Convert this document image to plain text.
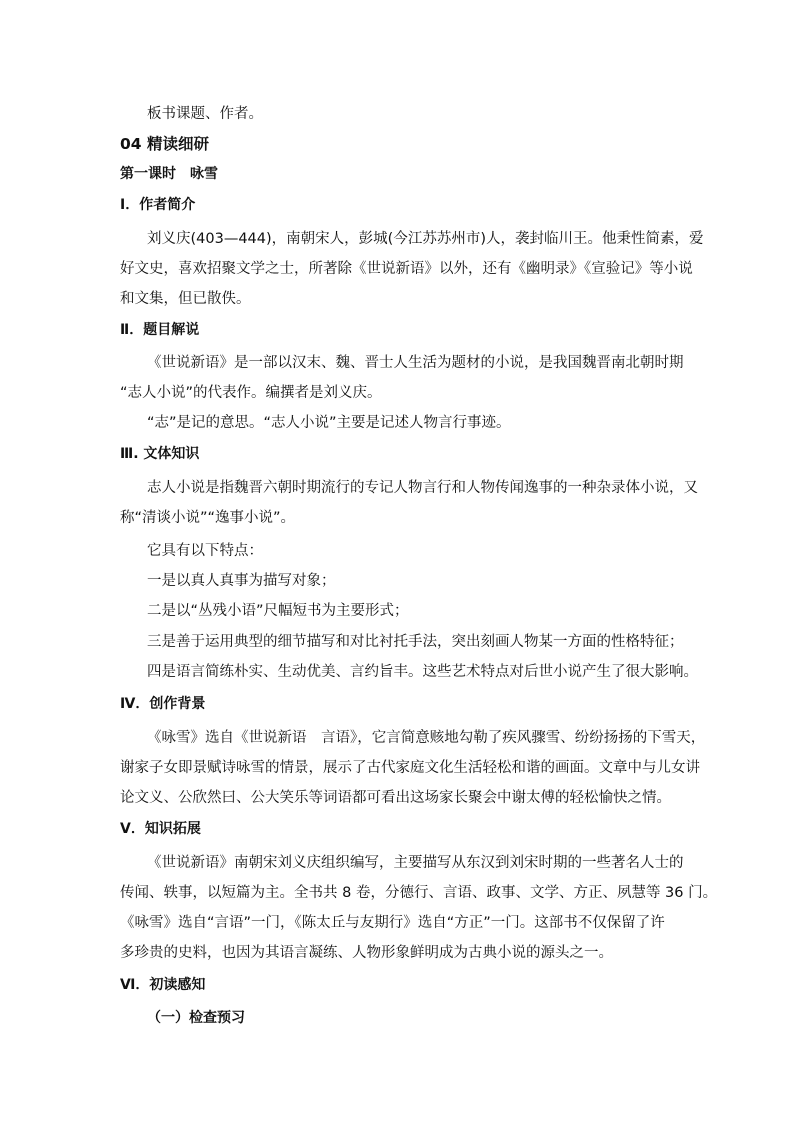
板书课题、作者。
04 精读细研
第一课时　咏雪
Ⅰ．作者简介
刘义庆(403—444)，南朝宋人，彭城(今江苏苏州市)人，袭封临川王。他秉性简素，爱
好文史，喜欢招聚文学之士，所著除《世说新语》以外，还有《幽明录》《宣验记》等小说
和文集，但已散佚。
Ⅱ．题目解说
《世说新语》是一部以汉末、魏、晋士人生活为题材的小说，是我国魏晋南北朝时期
“志人小说”的代表作。编撰者是刘义庆。
“志”是记的意思。“志人小说”主要是记述人物言行事迹。
Ⅲ. 文体知识
志人小说是指魏晋六朝时期流行的专记人物言行和人物传闻逸事的一种杂录体小说，又
称“清谈小说”“逸事小说”。
它具有以下特点：
一是以真人真事为描写对象；
二是以“丛残小语”尺幅短书为主要形式；
三是善于运用典型的细节描写和对比衬托手法，突出刻画人物某一方面的性格特征；
四是语言简练朴实、生动优美、言约旨丰。这些艺术特点对后世小说产生了很大影响。
Ⅳ．创作背景
《咏雪》选自《世说新语　言语》，它言简意赅地勾勒了疾风骤雪、纷纷扬扬的下雪天，
谢家子女即景赋诗咏雪的情景，展示了古代家庭文化生活轻松和谐的画面。文章中与儿女讲
论文义、公欣然曰、公大笑乐等词语都可看出这场家长聚会中谢太傅的轻松愉快之情。
Ⅴ．知识拓展
《世说新语》南朝宋刘义庆组织编写，主要描写从东汉到刘宋时期的一些著名人士的
传闻、轶事，以短篇为主。全书共 8 卷，分德行、言语、政事、文学、方正、夙慧等 36 门。
《咏雪》选自“言语”一门，《陈太丘与友期行》选自“方正”一门。这部书不仅保留了许
多珍贵的史料，也因为其语言凝练、人物形象鲜明成为古典小说的源头之一。
Ⅵ．初读感知
（一）检查预习
